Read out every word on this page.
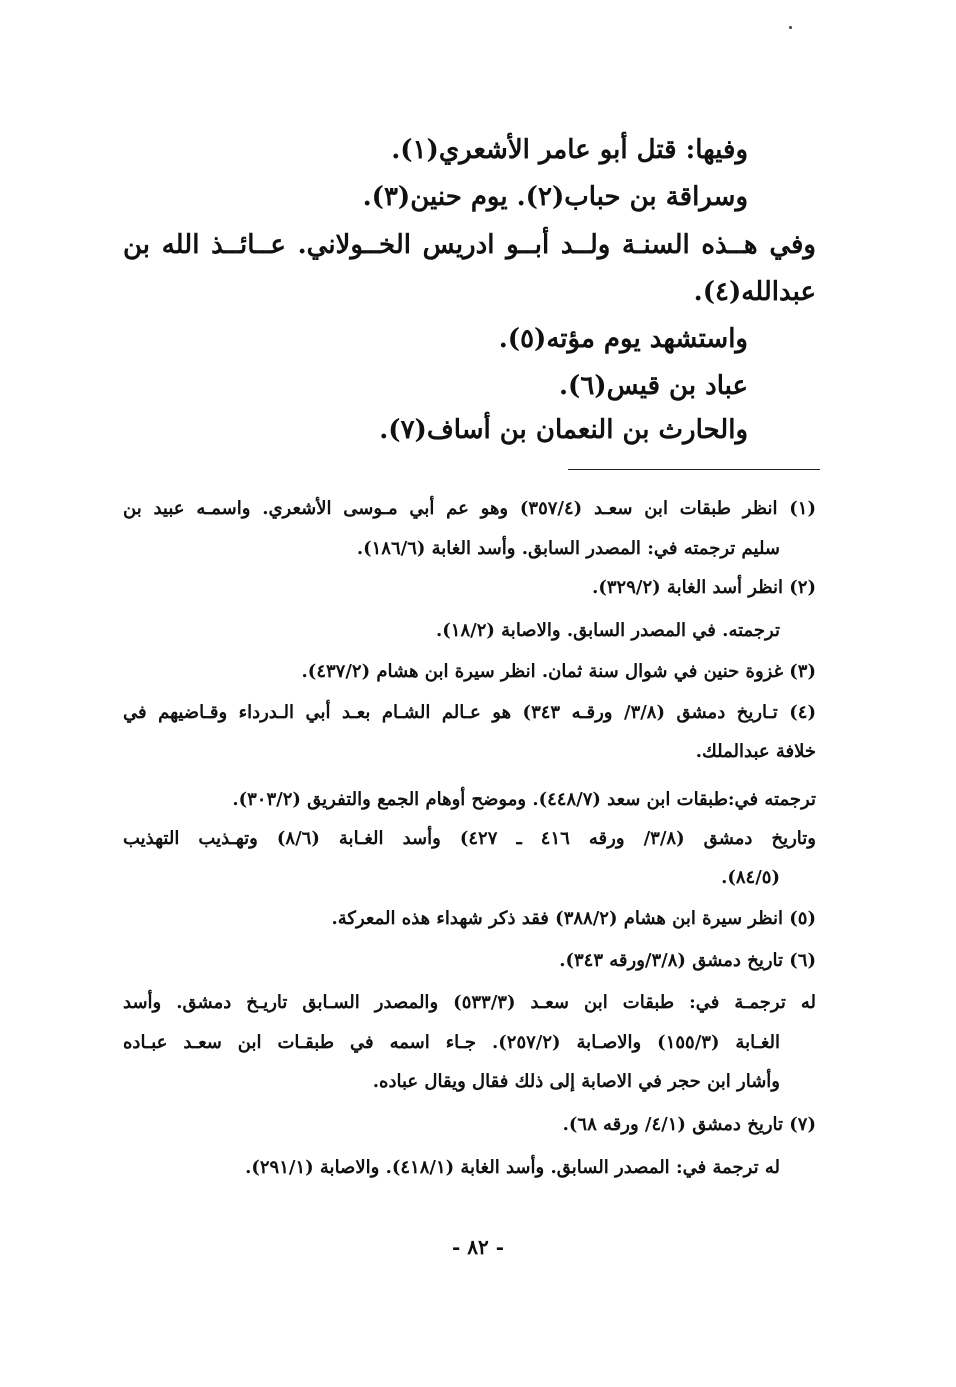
وفيها: قتل أبو عامر الأشعري(١).
وسراقة بن حباب(٢). يوم حنين(٣).
وفي هــذه السنـة ولــد أبــو ادريس الخــولاني. عــائــذ الله بن
عبدالله(٤).
واستشهد يوم مؤته(٥).
عباد بن قيس(٦).
والحارث بن النعمان بن أساف(٧).
(١) انظر طبقات ابن سعـد (٣٥٧/٤) وهو عم أبي مـوسى الأشعري. واسمـه عبيد بن
سليم ترجمته في: المصدر السابق. وأسد الغابة (١٨٦/٦).
(٢) انظر أسد الغابة (٣٢٩/٢).
ترجمته. في المصدر السابق. والاصابة (١٨/٢).
(٣) غزوة حنين في شوال سنة ثمان. انظر سيرة ابن هشام (٤٣٧/٢).
(٤) تـاريخ دمشق (٣/٨/ ورقـه ٣٤٣) هو عـالم الشـام بعـد أبي الـدرداء وقـاضيهم في
خلافة عبدالملك.
ترجمته في:طبقات ابن سعد (٤٤٨/٧). وموضح أوهام الجمع والتفريق (٣٠٣/٢).
وتاريخ دمشق (٣/٨/ ورقه ٤١٦ ـ ٤٢٧) وأسد الغـابة (٨/٦) وتهـذيب التهذيب
(٨٤/٥).
(٥) انظر سيرة ابن هشام (٣٨٨/٢) فقد ذكر شهداء هذه المعركة.
(٦) تاريخ دمشق (٣/٨/ورقه ٣٤٣).
له ترجمـة في: طبقات ابن سعـد (٥٣٣/٣) والمصدر السـابق تاريـخ دمشق. وأسد
الغـابة (١٥٥/٣) والاصـابة (٢٥٧/٢). جـاء اسمه في طبقـات ابن سعـد عبـاده
وأشار ابن حجر في الاصابة إلى ذلك فقال ويقال عباده.
(٧) تاريخ دمشق (٤/١/ ورقه ٦٨).
له ترجمة في: المصدر السابق. وأسد الغابة (٤١٨/١). والاصابة (٢٩١/١).
- ٨٢ -
